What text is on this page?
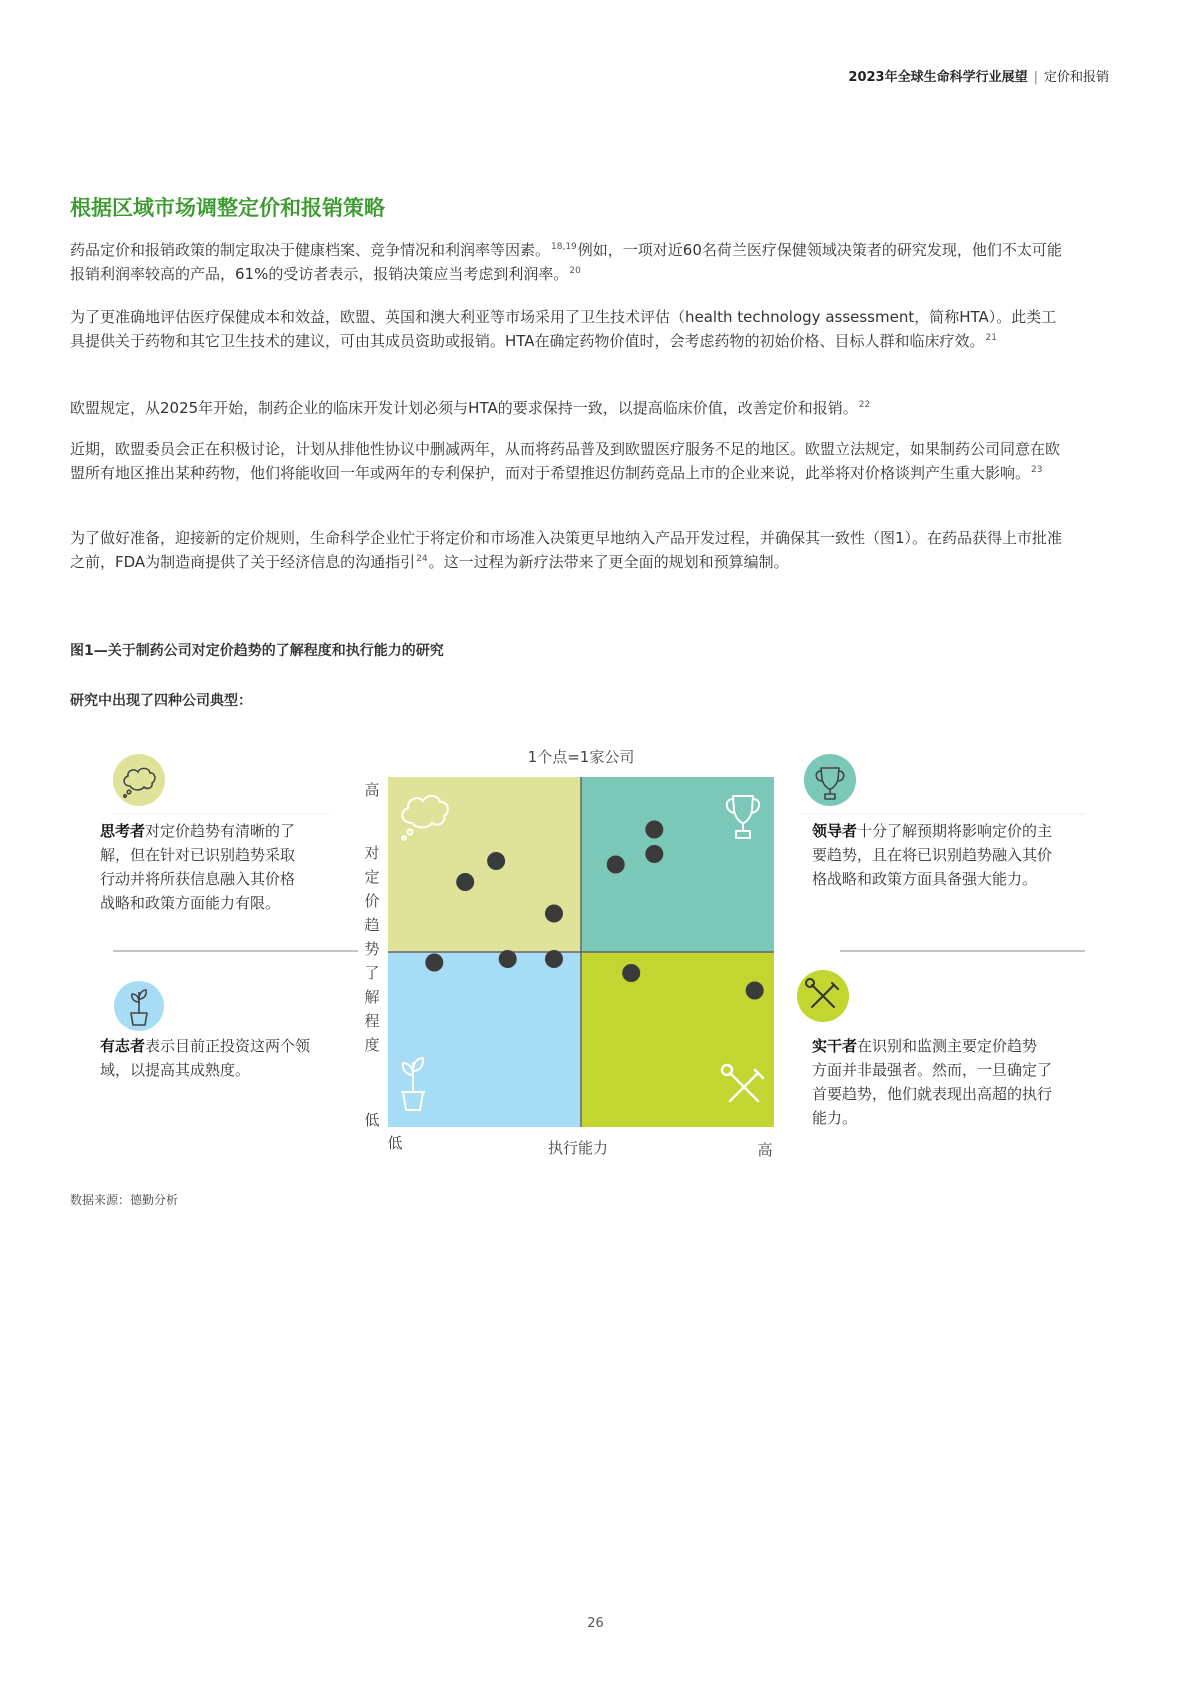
2023年全球生命科学行业展望 | 定价和报销
根据区域市场调整定价和报销策略
药品定价和报销政策的制定取决于健康档案、竞争情况和利润率等因素。$^{18,19}$例如，一项对近60名荷兰医疗保健领域决策者的研究发现，他们不太可能报销利润率较高的产品，61%的受访者表示，报销决策应当考虑到利润率。$^{20}$
为了更准确地评估医疗保健成本和效益，欧盟、英国和澳大利亚等市场采用了卫生技术评估（health technology assessment，简称HTA）。此类工具提供关于药物和其它卫生技术的建议，可由其成员资助或报销。HTA在确定药物价值时，会考虑药物的初始价格、目标人群和临床疗效。$^{21}$
欧盟规定，从2025年开始，制药企业的临床开发计划必须与HTA的要求保持一致，以提高临床价值，改善定价和报销。$^{22}$
近期，欧盟委员会正在积极讨论，计划从排他性协议中删减两年，从而将药品普及到欧盟医疗服务不足的地区。欧盟立法规定，如果制药公司同意在欧盟所有地区推出某种药物，他们将能收回一年或两年的专利保护，而对于希望推迟仿制药竞品上市的企业来说，此举将对价格谈判产生重大影响。$^{23}$
为了做好准备，迎接新的定价规则，生命科学企业忙于将定价和市场准入决策更早地纳入产品开发过程，并确保其一致性（图1）。在药品获得上市批准之前，FDA为制造商提供了关于经济信息的沟通指引$^{24}$。这一过程为新疗法带来了更全面的规划和预算编制。
图1—关于制药公司对定价趋势的了解程度和执行能力的研究
研究中出现了四种公司典型：
1个点=1家公司
高
低
低	高
执行能力
对定价趋势了解程度
思考者对定价趋势有清晰的了 解，但在针对已识别趋势采取 行动并将所获信息融入其价格 战略和政策方面能力有限。
有志者表示目前正投资这两个领 域，以提高其成熟度。
领导者十分了解预期将影响定价的主 要趋势，且在将已识别趋势融入其价 格战略和政策方面具备强大能力。
实干者在识别和监测主要定价趋势 方面并非最强者。然而，一旦确定了 首要趋势，他们就表现出高超的执行 能力。
数据来源：德勤分析
26
